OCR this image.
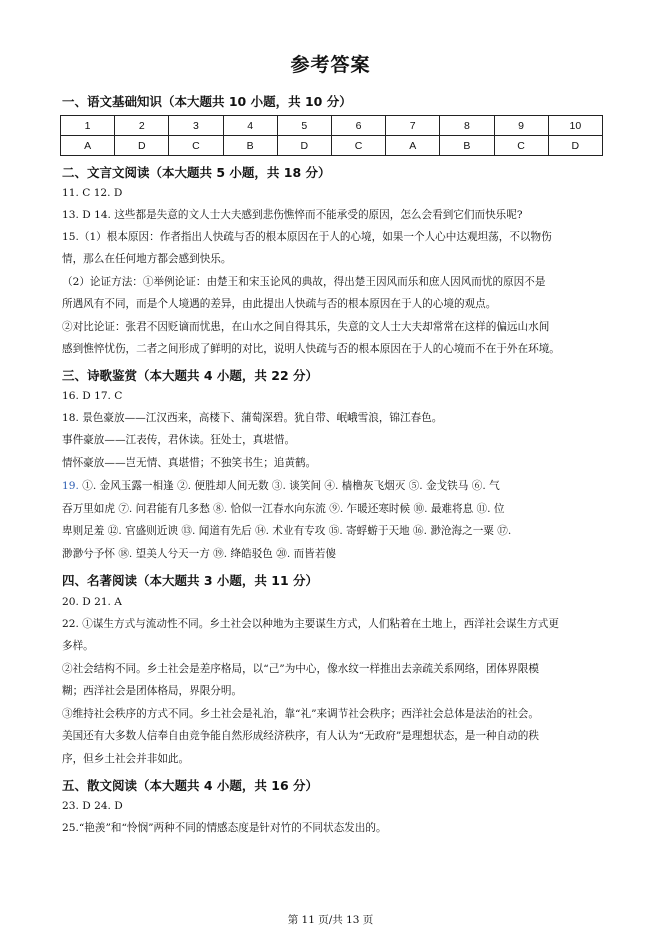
参考答案
一、语文基础知识（本大题共 10 小题，共 10 分）
1	2	3	4	5	6	7	8	9	10
A	D	C	B	D	C	A	B	C	D
二、文言文阅读（本大题共 5 小题，共 18 分）
11. C 12. D
13. D 14. 这些都是失意的文人士大夫感到悲伤憔悴而不能承受的原因，怎么会看到它们而快乐呢?
15.（1）根本原因：作者指出人快疏与否的根本原因在于人的心境，如果一个人心中达观坦荡，不以物伤
情，那么在任何地方都会感到快乐。
（2）论证方法：①举例论证：由楚王和宋玉论风的典故，得出楚王因风而乐和庶人因风而忧的原因不是
所遇风有不同，而是个人境遇的差异，由此提出人快疏与否的根本原因在于人的心境的观点。
②对比论证：张君不因贬谪而忧患，在山水之间自得其乐，失意的文人士大夫却常常在这样的偏远山水间
感到憔悴忧伤，二者之间形成了鲜明的对比，说明人快疏与否的根本原因在于人的心境而不在于外在环境。
三、诗歌鉴赏（本大题共 4 小题，共 22 分）
16. D 17. C
18. 景色豪放——江汉西来，高楼下、蒲萄深碧。犹自带、岷峨雪浪，锦江春色。
事件豪放——江表传，君休读。狂处士，真堪惜。
情怀豪放——岂无情、真堪惜；不独笑书生；追黄鹤。
19. ①. 金风玉露一相逢 ②. 便胜却人间无数 ③. 谈笑间 ④. 樯橹灰飞烟灭 ⑤. 金戈铁马 ⑥. 气
吞万里如虎 ⑦. 问君能有几多愁 ⑧. 恰似一江春水向东流 ⑨. 乍暖还寒时候 ⑩. 最难将息 ⑪. 位
卑则足羞 ⑫. 官盛则近谀 ⑬. 闻道有先后 ⑭. 术业有专攻 ⑮. 寄蜉蝣于天地 ⑯. 渺沧海之一粟 ⑰.
渺渺兮予怀 ⑱. 望美人兮天一方 ⑲. 绛皓驳色 ⑳. 而皆若傻
四、名著阅读（本大题共 3 小题，共 11 分）
20. D 21. A
22. ①谋生方式与流动性不同。乡土社会以种地为主要谋生方式，人们粘着在土地上，西洋社会谋生方式更
多样。
②社会结构不同。乡土社会是差序格局，以“己”为中心，像水纹一样推出去亲疏关系网络，团体界限模
糊；西洋社会是团体格局，界限分明。
③维持社会秩序的方式不同。乡土社会是礼治，靠“礼”来调节社会秩序；西洋社会总体是法治的社会。
美国还有大多数人信奉自由竞争能自然形成经济秩序，有人认为“无政府”是理想状态，是一种自动的秩
序，但乡土社会并非如此。
五、散文阅读（本大题共 4 小题，共 16 分）
23. D 24. D
25.“艳羡”和“怜悯”两种不同的情感态度是针对竹的不同状态发出的。
第 11 页/共 13 页
